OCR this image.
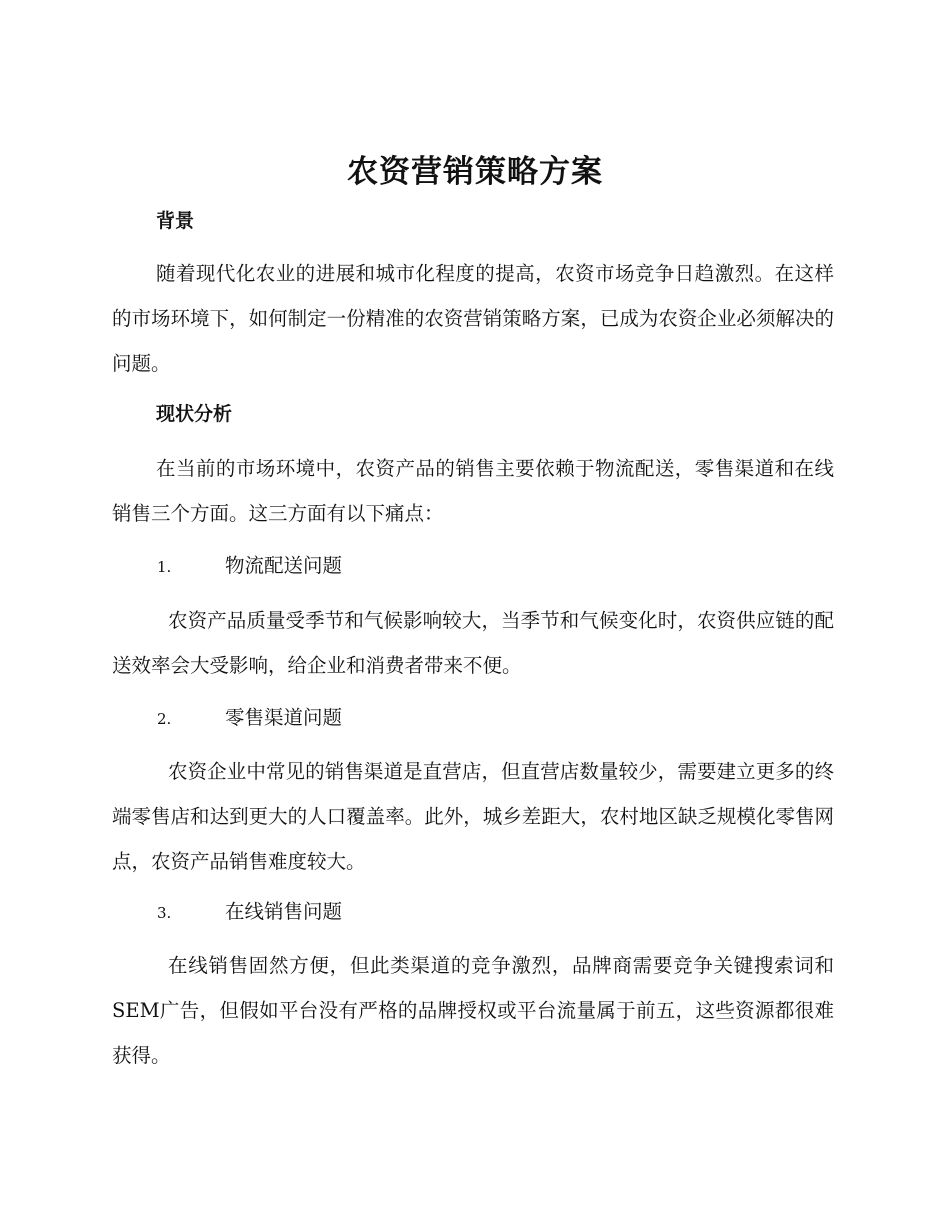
农资营销策略方案
背景
随着现代化农业的进展和城市化程度的提高，农资市场竞争日趋激烈。在这样的市场环境下，如何制定一份精准的农资营销策略方案，已成为农资企业必须解决的问题。
现状分析
在当前的市场环境中，农资产品的销售主要依赖于物流配送，零售渠道和在线销售三个方面。这三方面有以下痛点：
1.	物流配送问题
农资产品质量受季节和气候影响较大，当季节和气候变化时，农资供应链的配送效率会大受影响，给企业和消费者带来不便。
2.	零售渠道问题
农资企业中常见的销售渠道是直营店，但直营店数量较少，需要建立更多的终端零售店和达到更大的人口覆盖率。此外，城乡差距大，农村地区缺乏规模化零售网点，农资产品销售难度较大。
3.	在线销售问题
在线销售固然方便，但此类渠道的竞争激烈，品牌商需要竞争关键搜索词和SEM广告，但假如平台没有严格的品牌授权或平台流量属于前五，这些资源都很难获得。
